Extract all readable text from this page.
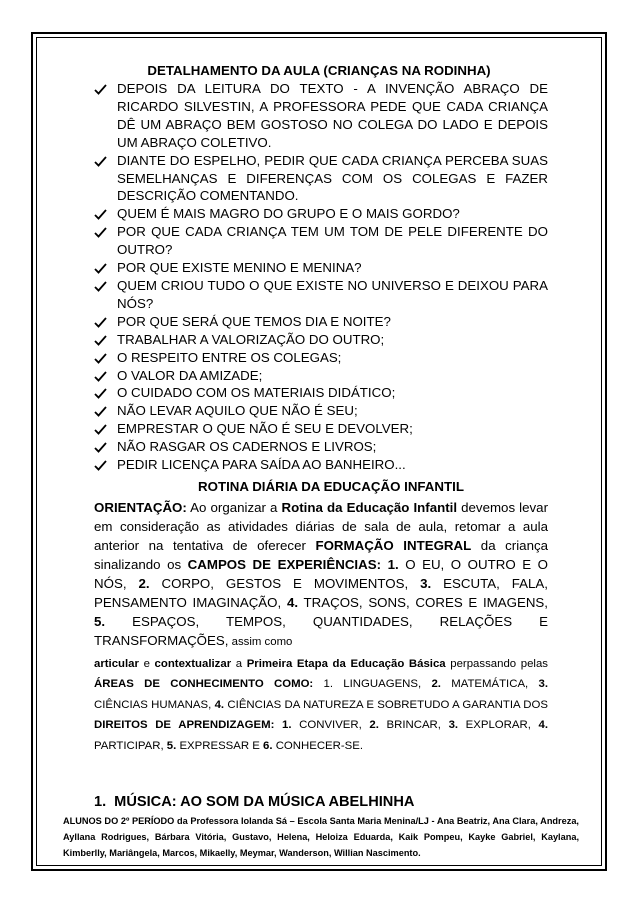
DETALHAMENTO DA AULA (CRIANÇAS NA RODINHA)
DEPOIS DA LEITURA DO TEXTO - A INVENÇÃO ABRAÇO DE RICARDO SILVESTIN, A PROFESSORA PEDE QUE CADA CRIANÇA DÊ UM ABRAÇO BEM GOSTOSO NO COLEGA DO LADO E DEPOIS UM ABRAÇO COLETIVO.
DIANTE DO ESPELHO, PEDIR QUE CADA CRIANÇA PERCEBA SUAS SEMELHANÇAS E DIFERENÇAS COM OS COLEGAS E FAZER DESCRIÇÃO COMENTANDO.
QUEM É MAIS MAGRO DO GRUPO E O MAIS GORDO?
POR QUE CADA CRIANÇA TEM UM TOM DE PELE DIFERENTE DO OUTRO?
POR QUE EXISTE MENINO E MENINA?
QUEM CRIOU TUDO O QUE EXISTE NO UNIVERSO E DEIXOU PARA NÓS?
POR QUE SERÁ QUE TEMOS DIA E NOITE?
TRABALHAR A VALORIZAÇÃO DO OUTRO;
O RESPEITO ENTRE OS COLEGAS;
O VALOR DA AMIZADE;
O CUIDADO COM OS MATERIAIS DIDÁTICO;
NÃO LEVAR AQUILO QUE NÃO É SEU;
EMPRESTAR O QUE NÃO É SEU E DEVOLVER;
NÃO RASGAR OS CADERNOS E LIVROS;
PEDIR LICENÇA PARA SAÍDA AO BANHEIRO...
ROTINA DIÁRIA DA EDUCAÇÃO INFANTIL
ORIENTAÇÃO: Ao organizar a Rotina da Educação Infantil devemos levar em consideração as atividades diárias de sala de aula, retomar a aula anterior na tentativa de oferecer FORMAÇÃO INTEGRAL da criança sinalizando os CAMPOS DE EXPERIÊNCIAS: 1. O EU, O OUTRO E O NÓS, 2. CORPO, GESTOS E MOVIMENTOS, 3. ESCUTA, FALA, PENSAMENTO IMAGINAÇÃO, 4. TRAÇOS, SONS, CORES E IMAGENS, 5. ESPAÇOS, TEMPOS, QUANTIDADES, RELAÇÕES E TRANSFORMAÇÕES, assim como
articular e contextualizar a Primeira Etapa da Educação Básica perpassando pelas ÁREAS DE CONHECIMENTO COMO: 1. LINGUAGENS, 2. MATEMÁTICA, 3. CIÊNCIAS HUMANAS, 4. CIÊNCIAS DA NATUREZA E SOBRETUDO A GARANTIA DOS DIREITOS DE APRENDIZAGEM: 1. CONVIVER, 2. BRINCAR, 3. EXPLORAR, 4. PARTICIPAR, 5. EXPRESSAR E 6. CONHECER-SE.
1. MÚSICA: AO SOM DA MÚSICA ABELHINHA
ALUNOS DO 2º PERÍODO da Professora Iolanda Sá – Escola Santa Maria Menina/LJ - Ana Beatriz, Ana Clara, Andreza, Ayllana Rodrigues, Bárbara Vitória, Gustavo, Helena, Heloiza Eduarda, Kaik Pompeu, Kayke Gabriel, Kaylana, Kimberlly, Mariângela, Marcos, Mikaelly, Meymar, Wanderson, Willian Nascimento.
